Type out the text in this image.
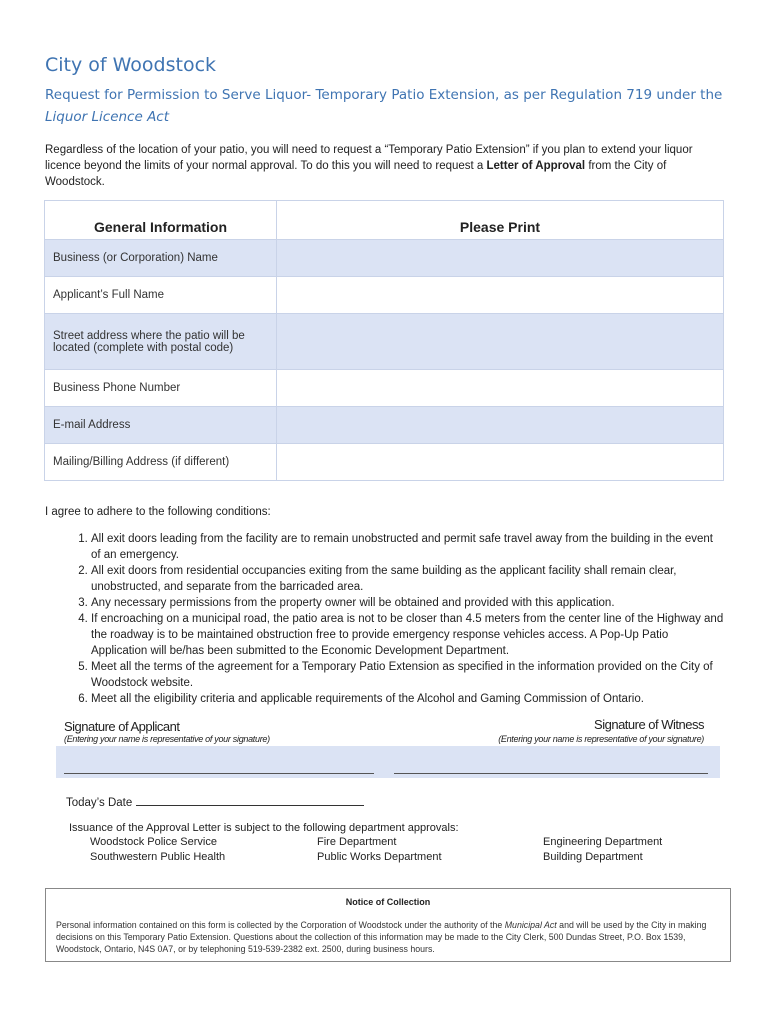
City of Woodstock
Request for Permission to Serve Liquor- Temporary Patio Extension, as per Regulation 719 under the
Liquor Licence Act
Regardless of the location of your patio, you will need to request a “Temporary Patio Extension” if you plan to extend your liquor licence beyond the limits of your normal approval. To do this you will need to request a Letter of Approval from the City of Woodstock.
General Information	Please Print
Business (or Corporation) Name	
Applicant’s Full Name	
Street address where the patio will be located (complete with postal code)	
Business Phone Number	
E-mail Address	
Mailing/Billing Address (if different)	
I agree to adhere to the following conditions:
1. All exit doors leading from the facility are to remain unobstructed and permit safe travel away from the building in the event of an emergency.
2. All exit doors from residential occupancies exiting from the same building as the applicant facility shall remain clear, unobstructed, and separate from the barricaded area.
3. Any necessary permissions from the property owner will be obtained and provided with this application.
4. If encroaching on a municipal road, the patio area is not to be closer than 4.5 meters from the center line of the Highway and the roadway is to be maintained obstruction free to provide emergency response vehicles access. A Pop-Up Patio Application will be/has been submitted to the Economic Development Department.
5. Meet all the terms of the agreement for a Temporary Patio Extension as specified in the information provided on the City of Woodstock website.
6. Meet all the eligibility criteria and applicable requirements of the Alcohol and Gaming Commission of Ontario.
Signature of Applicant
(Entering your name is representative of your signature)
Signature of Witness
(Entering your name is representative of your signature)
Today’s Date
Issuance of the Approval Letter is subject to the following department approvals:
Woodstock Police Service	Fire Department	Engineering Department
Southwestern Public Health	Public Works Department	Building Department
Notice of Collection
Personal information contained on this form is collected by the Corporation of Woodstock under the authority of the Municipal Act and will be used by the City in making decisions on this Temporary Patio Extension. Questions about the collection of this information may be made to the City Clerk, 500 Dundas Street, P.O. Box 1539, Woodstock, Ontario, N4S 0A7, or by telephoning 519-539-2382 ext. 2500, during business hours.
